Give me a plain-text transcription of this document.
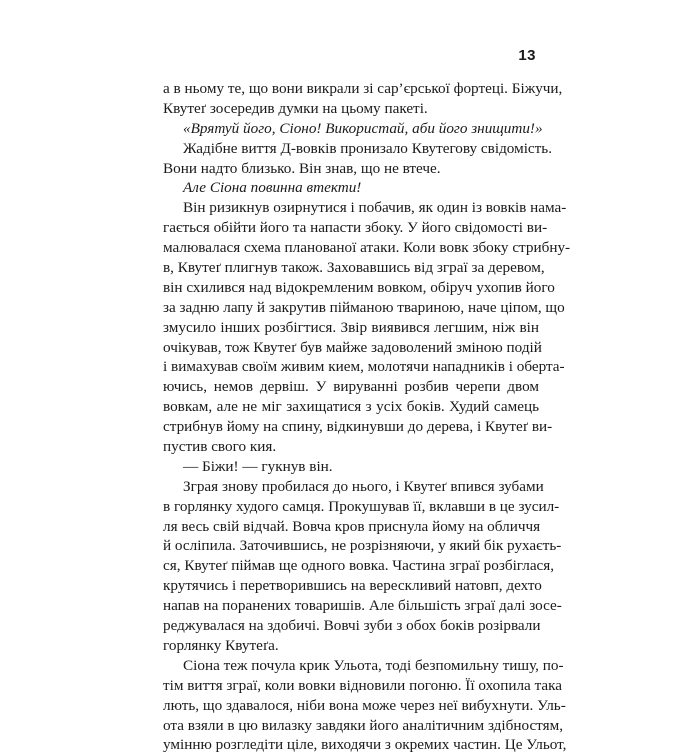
13
а в ньому те, що вони викрали зі сар’єрської фортеці. Біжучи,
Квутеґ зосередив думки на цьому пакеті.
«Врятуй його, Сіоно! Використай, аби його знищити!»
Жадібне виття Д-вовків пронизало Квутегову свідомість.
Вони надто близько. Він знав, що не втече.
Але Сіона повинна втекти!
Він ризикнув озирнутися і побачив, як один із вовків нама-
гається обійти його та напасти збоку. У його свідомості ви-
малювалася схема планованої атаки. Коли вовк збоку стрибну-
в, Квутеґ плигнув також. Заховавшись від зграї за деревом,
він схилився над відокремленим вовком, обіруч ухопив його
за задню лапу й закрутив пійманою твариною, наче ціпом, що
змусило інших розбігтися. Звір виявився легшим, ніж він
очікував, тож Квутеґ був майже задоволений зміною подій
і вимахував своїм живим кием, молотячи нападників і оберта-
ючись, немов дервіш. У вируванні розбив черепи двом
вовкам, але не міг захищатися з усіх боків. Худий самець
стрибнув йому на спину, відкинувши до дерева, і Квутеґ ви-
пустив свого кия.
— Біжи! — гукнув він.
Зграя знову пробилася до нього, і Квутеґ впився зубами
в горлянку худого самця. Прокушував її, вклавши в це зусил-
ля весь свій відчай. Вовча кров приснула йому на обличчя
й осліпила. Заточившись, не розрізняючи, у який бік рухаєть-
ся, Квутеґ піймав ще одного вовка. Частина зграї розбіглася,
крутячись і перетворившись на верескливий натовп, дехто
напав на поранених товаришів. Але більшість зграї далі зосе-
реджувалася на здобичі. Вовчі зуби з обох боків розірвали
горлянку Квутеґа.
Сіона теж почула крик Ульота, тоді безпомильну тишу, по-
тім виття зграї, коли вовки відновили погоню. Її охопила така
лють, що здавалося, ніби вона може через неї вибухнути. Уль-
ота взяли в цю вилазку завдяки його аналітичним здібностям,
умінню розгледіти ціле, виходячи з окремих частин. Це Ульот,
